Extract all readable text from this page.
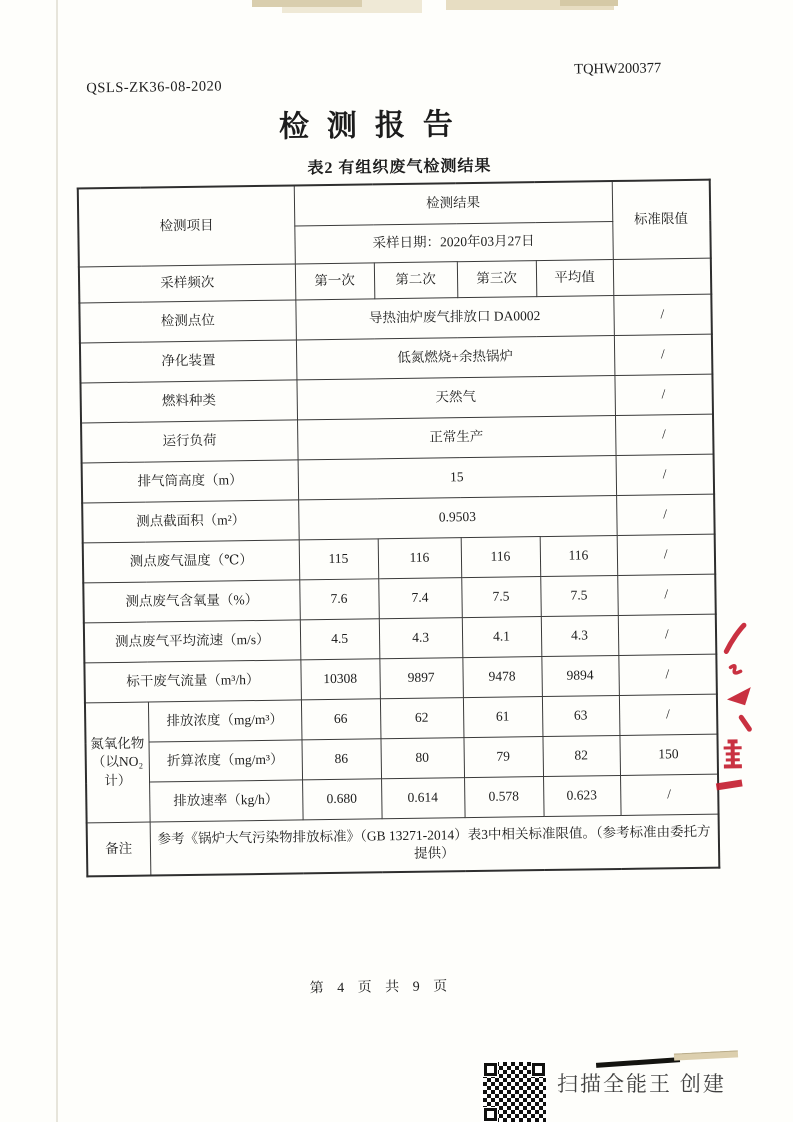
QSLS-ZK36-08-2020
TQHW200377
检测报告
表2 有组织废气检测结果
检测项目		检测结果				标准限值
		采样日期：2020年03月27日				
采样频次		第一次	第二次	第三次	平均值	
检测点位		导热油炉废气排放口 DA0002				/
净化装置		低氮燃烧+余热锅炉				/
燃料种类		天然气				/
运行负荷		正常生产				/
排气筒高度（m）		15				/
测点截面积（m²）		0.9503				/
测点废气温度（℃）		115	116	116	116	/
测点废气含氧量（%）		7.6	7.4	7.5	7.5	/
测点废气平均流速（m/s）		4.5	4.3	4.1	4.3	/
标干废气流量（m³/h）		10308	9897	9478	9894	/
氮氧化物
（以NO₂计）	排放浓度（mg/m³）	66	62	61	63	/
	折算浓度（mg/m³）	86	80	79	82	150
	排放速率（kg/h）	0.680	0.614	0.578	0.623	/
备注	参考《锅炉大气污染物排放标准》（GB 13271-2014）表3中相关标准限值。（参考标准由委托方提供）					
第 4 页 共 9 页
扫描全能王 创建
